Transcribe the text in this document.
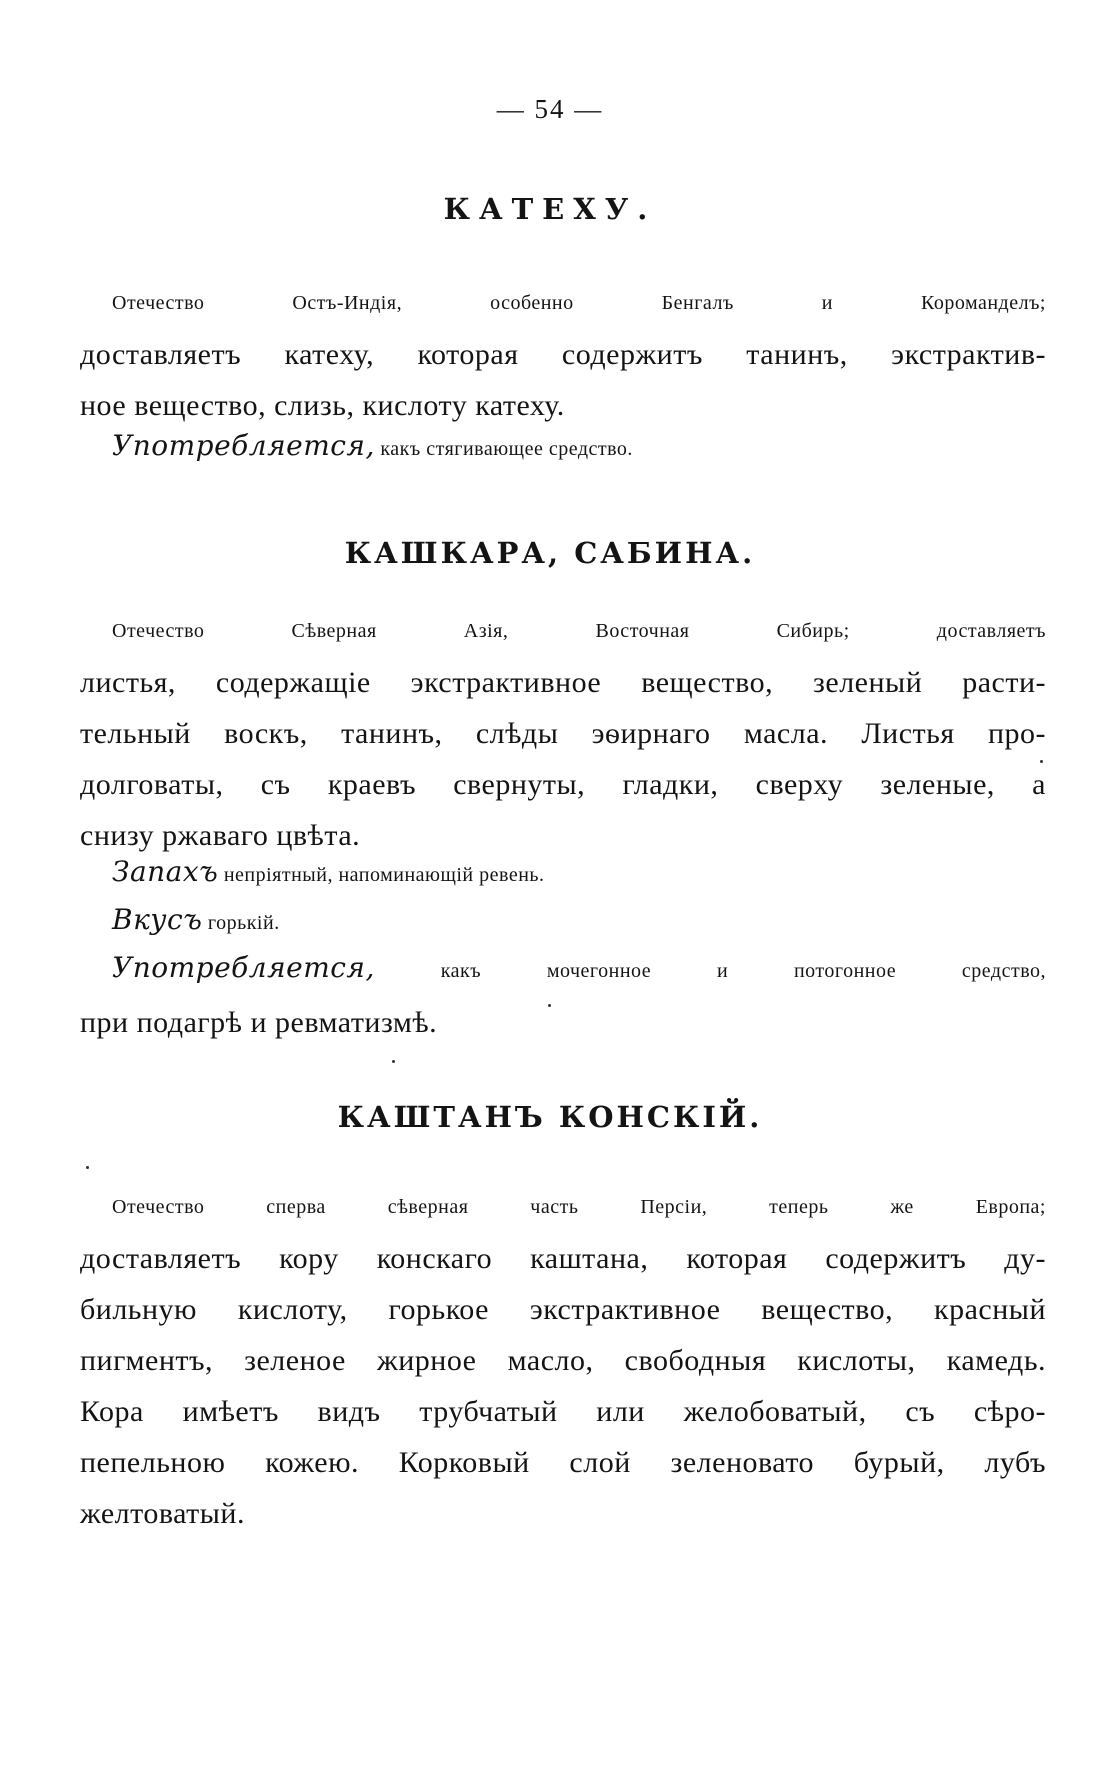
— 54 —
КАТЕХУ.
Отечество Остъ-Индія, особенно Бенгалъ и Короманделъ;
доставляетъ катеху, которая содержитъ танинъ, экстрактив-
ное вещество, слизь, кислоту катеху.
Употребляется, какъ стягивающее средство.
КАШКАРА, САБИНА.
Отечество Сѣверная Азія, Восточная Сибирь; доставляетъ
листья, содержащіе экстрактивное вещество, зеленый расти-
тельный воскъ, танинъ, слѣды эѳирнаго масла. Листья про-
долговаты, съ краевъ свернуты, гладки, сверху зеленые, а
снизу ржаваго цвѣта.
Запахъ непріятный, напоминающій ревень.
Вкусъ горькій.
Употребляется,	какъ мочегонное и потогонное средство,
при подагрѣ и ревматизмѣ.
КАШТАНЪ КОНСКІЙ.
Отечество сперва сѣверная часть Персіи, теперь же Европа;
доставляетъ кору конскаго каштана, которая содержитъ ду-
бильную кислоту, горькое экстрактивное вещество, красный
пигментъ, зеленое жирное масло, свободныя кислоты, камедь.
Кора имѣетъ видъ трубчатый или желобоватый, съ сѣро-
пепельною кожею. Корковый слой зеленовато бурый, лубъ
желтоватый.
